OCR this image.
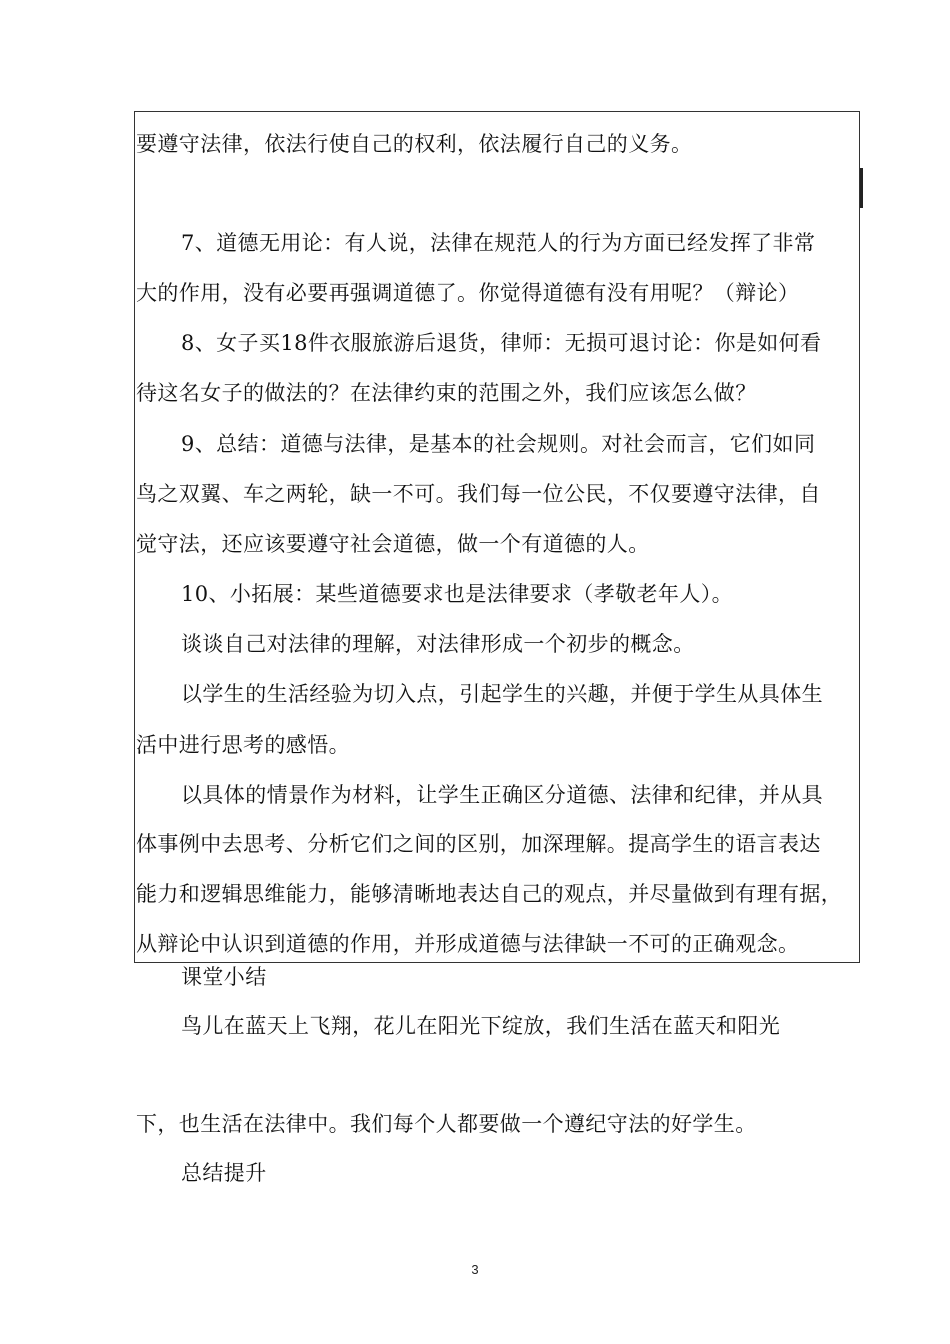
要遵守法律，依法行使自己的权利，依法履行自己的义务。
7、道德无用论：有人说，法律在规范人的行为方面已经发挥了非常
大的作用，没有必要再强调道德了。你觉得道德有没有用呢？（辩论）
8、女子买18件衣服旅游后退货，律师：无损可退讨论：你是如何看
待这名女子的做法的？在法律约束的范围之外，我们应该怎么做？
9、总结：道德与法律，是基本的社会规则。对社会而言，它们如同
鸟之双翼、车之两轮，缺一不可。我们每一位公民，不仅要遵守法律，自
觉守法，还应该要遵守社会道德，做一个有道德的人。
10、小拓展：某些道德要求也是法律要求（孝敬老年人）。
谈谈自己对法律的理解，对法律形成一个初步的概念。
以学生的生活经验为切入点，引起学生的兴趣，并便于学生从具体生
活中进行思考的感悟。
以具体的情景作为材料，让学生正确区分道德、法律和纪律，并从具
体事例中去思考、分析它们之间的区别，加深理解。提高学生的语言表达
能力和逻辑思维能力，能够清晰地表达自己的观点，并尽量做到有理有据，
从辩论中认识到道德的作用，并形成道德与法律缺一不可的正确观念。
课堂小结
鸟儿在蓝天上飞翔，花儿在阳光下绽放，我们生活在蓝天和阳光
下，也生活在法律中。我们每个人都要做一个遵纪守法的好学生。
总结提升
3
